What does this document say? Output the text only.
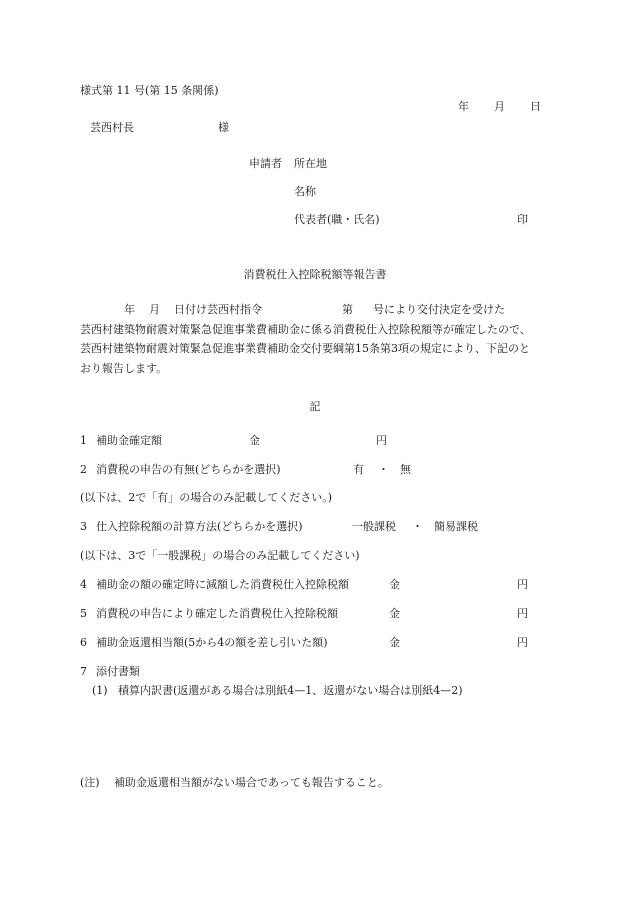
様式第 11 号(第 15 条関係)
年 月 日
芸西村長	様
申請者 所在地
名称
代表者(職・氏名)	印
消費税仕入控除税額等報告書
年 月 日付け芸西村指令	第 号により交付決定を受けた
芸西村建築物耐震対策緊急促進事業費補助金に係る消費税仕入控除税額等が確定したので、
芸西村建築物耐震対策緊急促進事業費補助金交付要綱第15条第3項の規定により、下記のと
おり報告します。
記
1 補助金確定額	金	円
2 消費税の申告の有無(どちらかを選択)	有 ・ 無
(以下は、2で「有」の場合のみ記載してください。)
3 仕入控除税額の計算方法(どちらかを選択)	一般課税 ・ 簡易課税
(以下は、3で「一般課税」の場合のみ記載してください)
4 補助金の額の確定時に減額した消費税仕入控除税額	金	円
5 消費税の申告により確定した消費税仕入控除税額	金	円
6 補助金返還相当額(5から4の額を差し引いた額)	金	円
7 添付書類
(1) 積算内訳書(返還がある場合は別紙4—1、返還がない場合は別紙4—2)
(注) 補助金返還相当額がない場合であっても報告すること。
